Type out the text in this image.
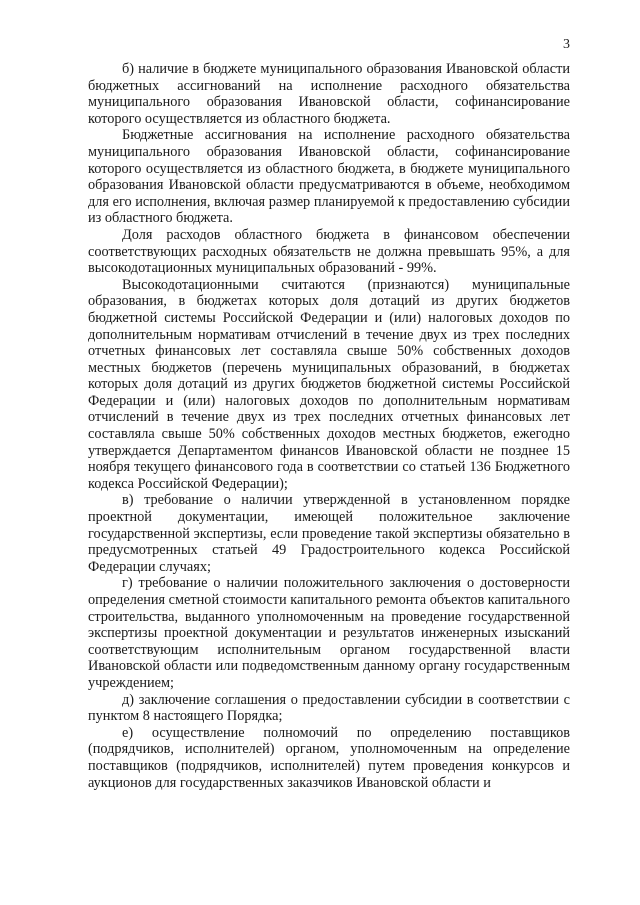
3

б) наличие в бюджете муниципального образования Ивановской области бюджетных ассигнований на исполнение расходного обязательства муниципального образования Ивановской области, софинансирование которого осуществляется из областного бюджета.

Бюджетные ассигнования на исполнение расходного обязательства муниципального образования Ивановской области, софинансирование которого осуществляется из областного бюджета, в бюджете муниципального образования Ивановской области предусматриваются в объеме, необходимом для его исполнения, включая размер планируемой к предоставлению субсидии из областного бюджета.

Доля расходов областного бюджета в финансовом обеспечении соответствующих расходных обязательств не должна превышать 95%, а для высокодотационных муниципальных образований - 99%.

Высокодотационными считаются (признаются) муниципальные образования, в бюджетах которых доля дотаций из других бюджетов бюджетной системы Российской Федерации и (или) налоговых доходов по дополнительным нормативам отчислений в течение двух из трех последних отчетных финансовых лет составляла свыше 50% собственных доходов местных бюджетов (перечень муниципальных образований, в бюджетах которых доля дотаций из других бюджетов бюджетной системы Российской Федерации и (или) налоговых доходов по дополнительным нормативам отчислений в течение двух из трех последних отчетных финансовых лет составляла свыше 50% собственных доходов местных бюджетов, ежегодно утверждается Департаментом финансов Ивановской области не позднее 15 ноября текущего финансового года в соответствии со статьей 136 Бюджетного кодекса Российской Федерации);

в) требование о наличии утвержденной в установленном порядке проектной документации, имеющей положительное заключение государственной экспертизы, если проведение такой экспертизы обязательно в предусмотренных статьей 49 Градостроительного кодекса Российской Федерации случаях;

г) требование о наличии положительного заключения о достоверности определения сметной стоимости капитального ремонта объектов капитального строительства, выданного уполномоченным на проведение государственной экспертизы проектной документации и результатов инженерных изысканий соответствующим исполнительным органом государственной власти Ивановской области или подведомственным данному органу государственным учреждением;

д) заключение соглашения о предоставлении субсидии в соответствии с пунктом 8 настоящего Порядка;

е) осуществление полномочий по определению поставщиков (подрядчиков, исполнителей) органом, уполномоченным на определение поставщиков (подрядчиков, исполнителей) путем проведения конкурсов и аукционов для государственных заказчиков Ивановской области и
